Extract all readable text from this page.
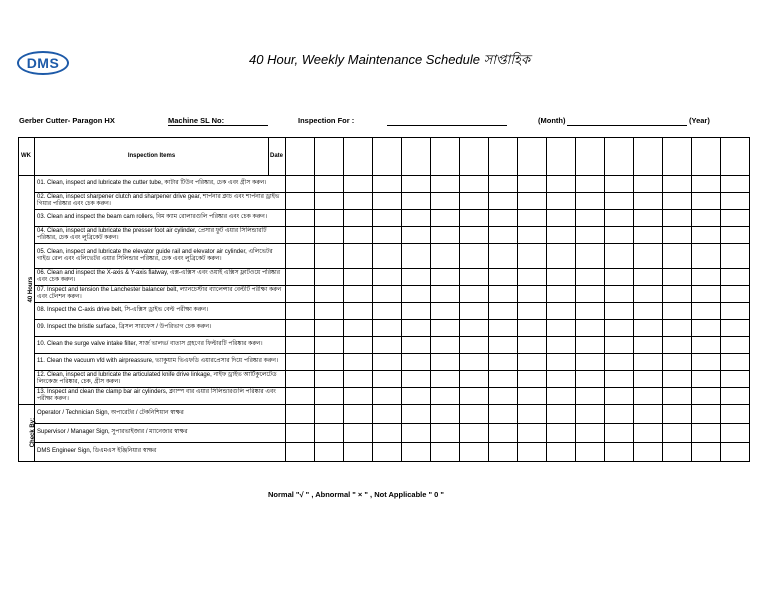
DMS	40 Hour, Weekly Maintenance Schedule সাপ্তাহিক
Gerber Cutter- Paragon HX	Machine SL No:	Inspection For :	(Month)	(Year)
WK	Inspection Items	Date																
40 Hours	01. Clean, inspect and lubricate the cutter tube, কাটার টিউব পরিষ্কার, চেক এবং গ্রীস করুন।																	
	02. Clean, inspect sharpener clutch and sharpener drive gear, শার্পনার ক্লাচ এবং শার্পনার ড্রাইভ গিয়ার পরিষ্কার এবং চেক করুন।																	
	03. Clean and inspect the beam cam rollers, বিম ক্যাম রোলারগুলি পরিষ্কার এবং চেক করুন।																	
	04. Clean, inspect and lubricate the presser foot air cylinder, প্রেসার ফুট এয়ার সিলিন্ডারটি পরিষ্কার, চেক এবং লুব্রিকেট করুন।																	
	05. Clean, inspect and lubricate the elevator guide rail and elevator air cylinder, এলিভেটর গাইড রেল এবং এলিভেটর এয়ার সিলিন্ডার পরিষ্কার, চেক এবং লুব্রিকেট করুন।																	
	06. Clean and inspect the X-axis & Y-axis flatway, এক্স-এক্সিস এবং ওয়াই এক্সিস ফ্লাটওয়ে পরিষ্কার এবং চেক করুন।																	
	07. Inspect and tension the Lanchester balancer belt, ল্যানচেস্টার ব্যালেন্সার বেল্টটি পরীক্ষা করুন এবং টেনশন করুন।																	
	08. Inspect the C-axis drive belt, সি-এক্সিস ড্রাইভ বেল্ট পরীক্ষা করুন।																	
	09. Inspect the bristle surface, ব্রিসল সারফেস / উপরিভাগ চেক করুন।																	
	10. Clean the surge valve intake filter, সার্জ ভালভ/ বাতাস গ্রহণের ফিল্টারটি পরিষ্কার করুন।																	
	11. Clean the vacuum vfd with airpreassure, ভ্যাকুয়াম ভিএফডি এয়ারপ্রেসার দিয়ে পরিষ্কার করুন।																	
	12. Clean, inspect and lubricate the articulated knife drive linkage, নাইফ ড্রাইভ আর্টিকুলেটেড লিংকেজ পরিষ্কার, চেক, গ্রীস করুন।																	
	13. Inspect and clean the clamp bar air cylinders, ক্ল্যাম্প বার এয়ার সিলিন্ডারগুলি পরিষ্কার এবং পরীক্ষা করুন।																	
Check By:	Operator / Technician Sign, অপারেটর / টেকনিশিয়ান স্বাক্ষর																	
	Supervisor / Manager Sign, সুপারভাইজার / ম্যানেজার স্বাক্ষর																	
	DMS Engineer Sign, ডিএমএস ইঞ্জিনিয়ার স্বাক্ষর																	
Normal "√ " , Abnormal " × " , Not Applicable " 0 "
